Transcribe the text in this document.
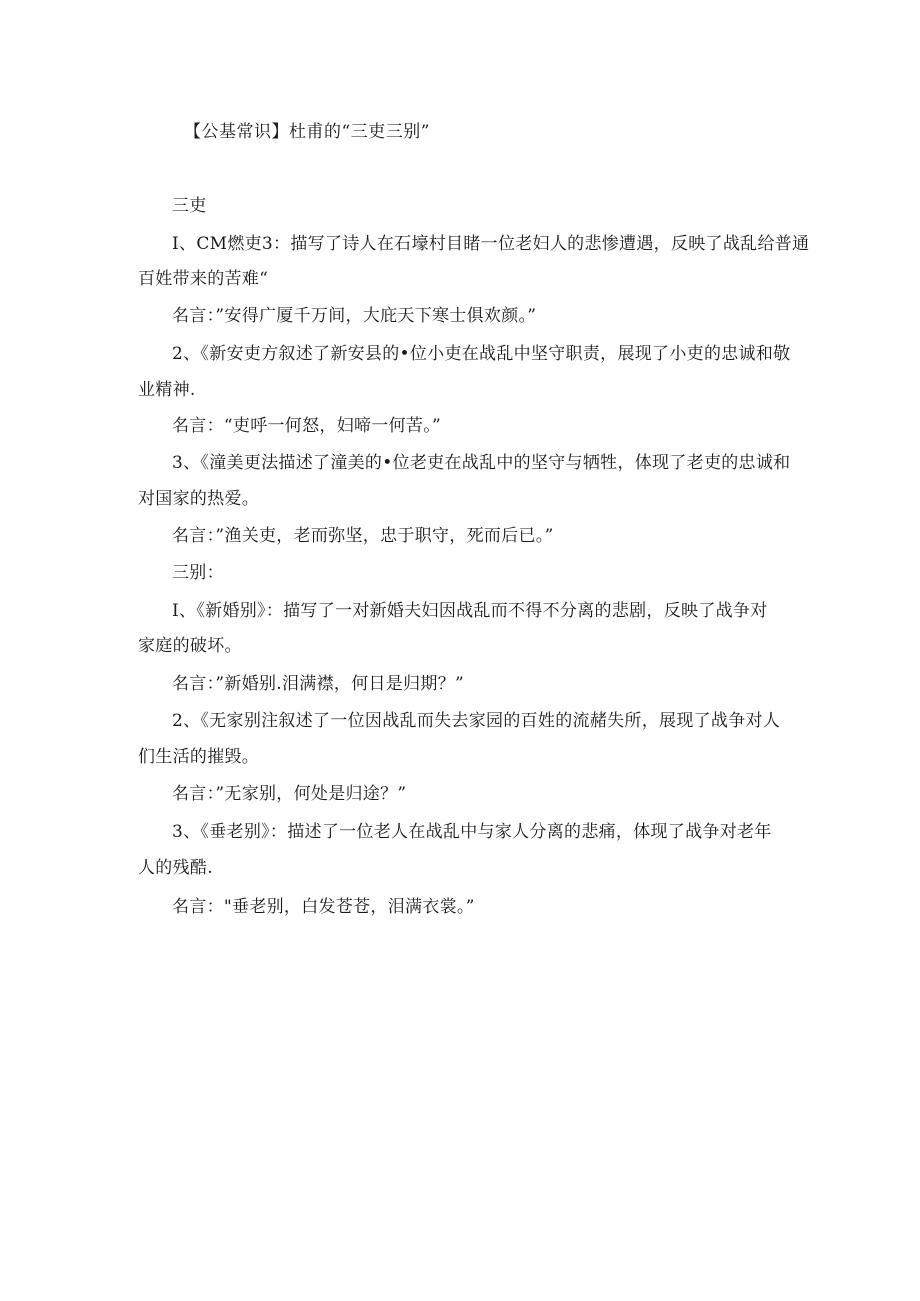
【公基常识】杜甫的“三吏三别”
三吏
I、CM燃吏3：描写了诗人在石壕村目睹一位老妇人的悲惨遭遇，反映了战乱给普通
百姓带来的苦难“
名言：”安得广厦千万间，大庇天下寒士俱欢颜。”
2、《新安吏方叙述了新安县的•位小吏在战乱中坚守职责，展现了小吏的忠诚和敬
业精神.
名言：“吏呼一何怒，妇啼一何苦。”
3、《潼美更法描述了潼美的•位老吏在战乱中的坚守与牺牲，体现了老吏的忠诚和
对国家的热爱。
名言：”渔关吏，老而弥坚，忠于职守，死而后已。”
三别：
I、《新婚别》：描写了一对新婚夫妇因战乱而不得不分离的悲剧，反映了战争对
家庭的破坏。
名言：”新婚别.泪满襟，何日是归期？”
2、《无家别注叙述了一位因战乱而失去家园的百姓的流赭失所，展现了战争对人
们生活的摧毁。
名言：”无家别，何处是归途？”
3、《垂老别》：描述了一位老人在战乱中与家人分离的悲痛，体现了战争对老年
人的残酷.
名言："垂老别，白发苍苍，泪满衣裳。”
